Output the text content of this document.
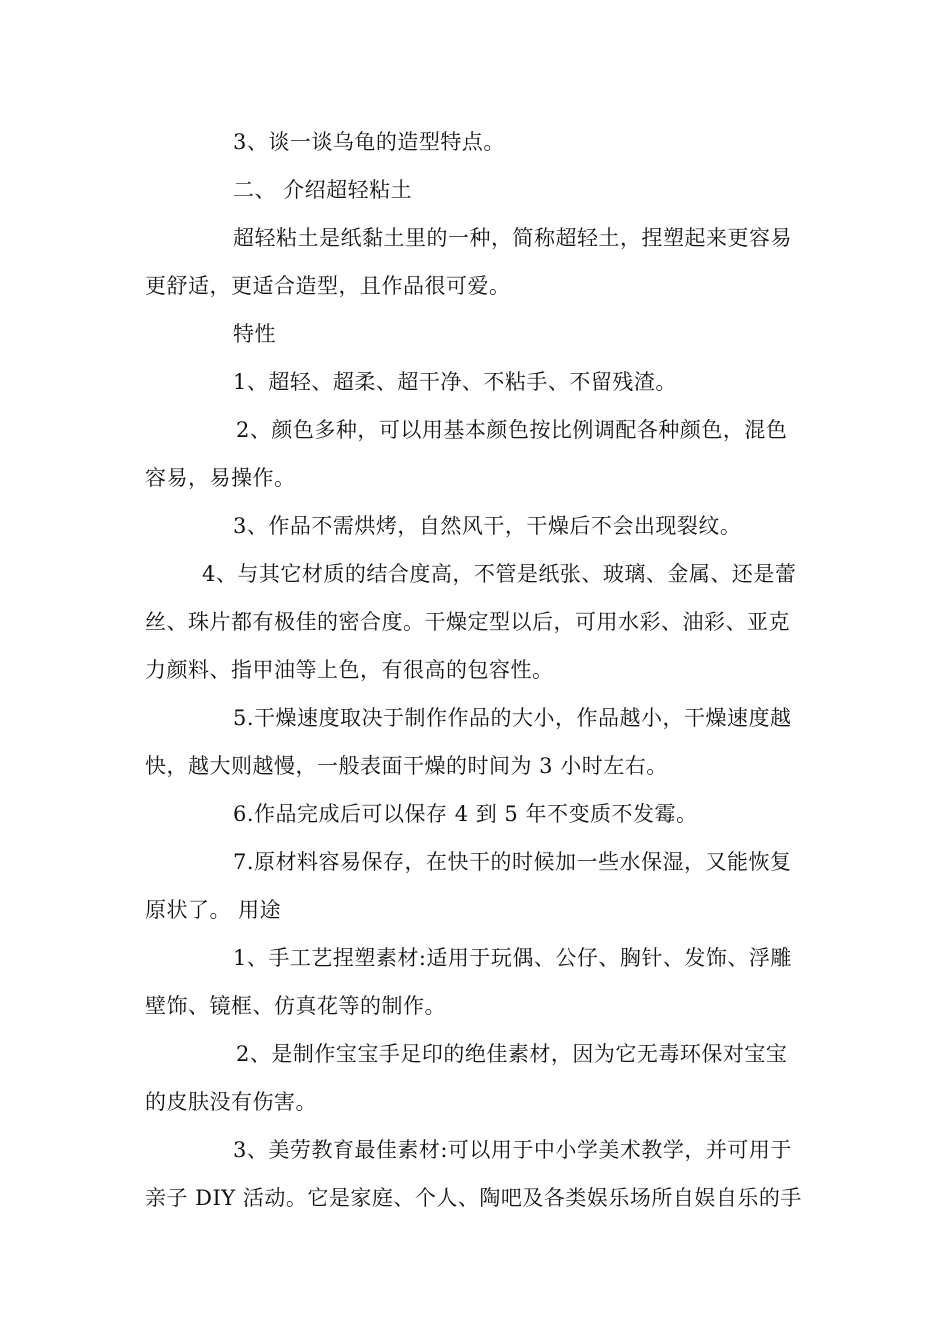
3、谈一谈乌龟的造型特点。
二、 介绍超轻粘土
超轻粘土是纸黏土里的一种，简称超轻土，捏塑起来更容易
更舒适，更适合造型，且作品很可爱。
特性
1、超轻、超柔、超干净、不粘手、不留残渣。
2、颜色多种，可以用基本颜色按比例调配各种颜色，混色
容易，易操作。
3、作品不需烘烤，自然风干，干燥后不会出现裂纹。
4、与其它材质的结合度高，不管是纸张、玻璃、金属、还是蕾
丝、珠片都有极佳的密合度。干燥定型以后，可用水彩、油彩、亚克
力颜料、指甲油等上色，有很高的包容性。
5.干燥速度取决于制作作品的大小，作品越小，干燥速度越
快，越大则越慢，一般表面干燥的时间为 3 小时左右。
6.作品完成后可以保存 4 到 5 年不变质不发霉。
7.原材料容易保存，在快干的时候加一些水保湿，又能恢复
原状了。 用途
1、手工艺捏塑素材:适用于玩偶、公仔、胸针、发饰、浮雕
壁饰、镜框、仿真花等的制作。
2、是制作宝宝手足印的绝佳素材，因为它无毒环保对宝宝
的皮肤没有伤害。
3、美劳教育最佳素材:可以用于中小学美术教学，并可用于
亲子 DIY 活动。它是家庭、个人、陶吧及各类娱乐场所自娱自乐的手
